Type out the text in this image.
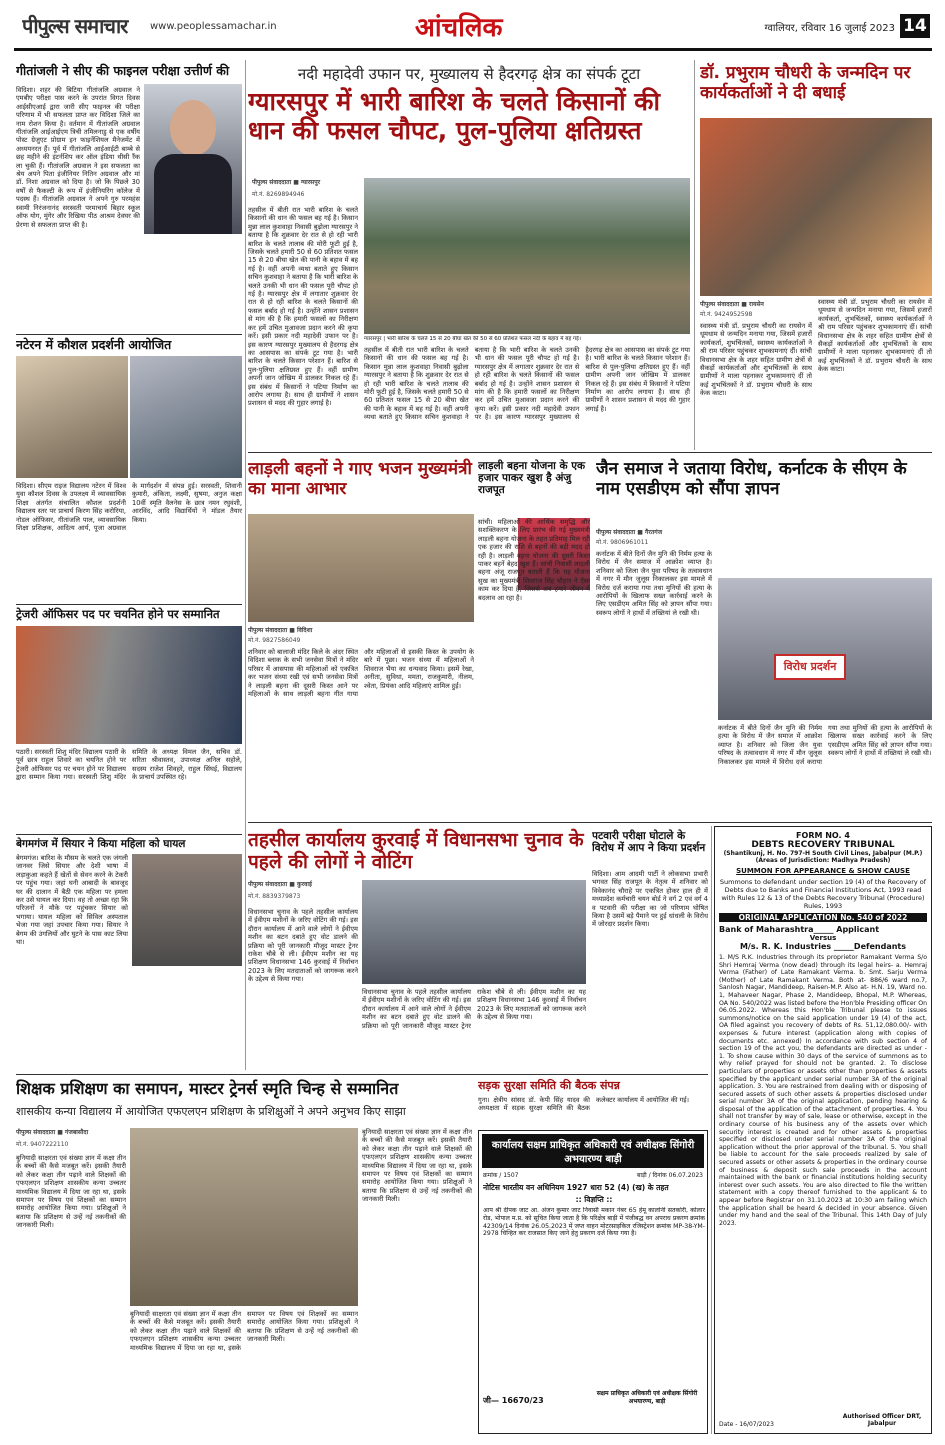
पीपुल्स समाचार	www.peoplessamachar.in	आंचलिक	ग्वालियर, रविवार 16 जुलाई 2023 14
गीतांजली ने सीए की फाइनल परीक्षा उत्तीर्ण की
विदिशा। शहर की बिटिया गीतांजलि अग्रवाल ने एमबीए परीक्षा पास करने के उपरांत विगत दिवस आईसीएआई द्वारा जारी सीए फाइनल की परीक्षा परिणाम में भी सफलता प्राप्त कर विदिशा जिले का नाम रोशन किया है। वर्तमान में गीतांजलि अग्रवाल गीतांजलि आईआईएम त्रिची तमिलनाडु से एक वर्षीय पोस्ट ग्रेजुएट प्रोग्राम इन फाइनेंशियल मैनेजमेंट में अध्ययनरत हैं। पूर्व में गीतांजलि आईआईटी बाम्बे से छह महीने की इंटर्नशिप कर ऑल इंडिया थीसी रैंक ला चुकी हैं। गीतांजलि अग्रवाल ने इस सफलता का श्रेय अपने पिता इंजीनियर नितिन अग्रवाल और मां डॉ. निशा अग्रवाल को दिया है। जो कि पिछले 30 वर्षों से फैकल्टी के रूप में इंजीनियरिंग कॉलेज में पदस्थ हैं। गीतांजलि अग्रवाल ने अपने गुरु परमहंस स्वामी निरंजनानंद सरस्वती परमाचार्य बिहार स्कूल ऑफ योग, मुंगेर और रिखिया पीठ आश्रम देवघर की प्रेरणा से सफलता प्राप्त की है।
नटेरन में कौशल प्रदर्शनी आयोजित
विदिशा। सीएम राइज विद्यालय नटेरन में विश्व युवा कौशल दिवस के उपलक्ष्य में व्यावसायिक शिक्षा अंतर्गत संचालित कौशल प्रदर्शनी विद्यालय स्तर पर प्राचार्य किरण सिंह करोरिया, नोडल ऑफिसर, गीतांजलि पाल, व्यावसायिक शिक्षा प्रशिक्षक, आदित्य आर्य, पूजा अग्रवाल के मार्गदर्शन में संपन्न हुई। सरस्वती, शिवानी कुमारी, अंकिता, लक्ष्मी, सुषमा, अनुज कक्षा 10वीं स्मृति वैलनेस के छात्र नमन रघुवंशी, आरविंद, आदि विद्यार्थियों ने मॉडल तैयार किया।
ट्रेजरी ऑफिसर पद पर चयनित होने पर सम्मानित
पठारी। सरस्वती शिशु मंदिर विद्यालय पठारी के पूर्व छात्र राहुल शिवारे का चयनित होने पर ट्रेजरी ऑफिसर पद पर चयन होने पर विद्यालय द्वारा सम्मान किया गया। सरस्वती शिशु मंदिर समिति के अध्यक्ष विमल जैन, सचिव डॉ. सरिता श्रीवास्तव, उपाध्यक्ष अनिल सहोले, सदस्य राजेश शिवहरे, राहुल सिंघई, विद्यालय के प्राचार्य उपस्थित रहे।
बेगमगंज में सियार ने किया महिला को घायल
बेगमगंज। बारिश के मौसम के चलते एक जंगली जानवर जिसे सियार और देशी भाषा में लड़ाकुआ कहते हैं खेतों से सेवन करने के टेकरी पर पहुंच गया। जहां घनी आबादी के बावजूद घर की दालान में बैठी एक महिला पर हमला कर उसे घायल कर दिया। वह तो अच्छा रहा कि परिजनों ने मौके पर पहुंचकर सियार को भगाया। घायल महिला को सिविल अस्पताल भेजा गया जहां उपचार किया गया। सियार ने बेगम की उंगलियों और घुटने के पास काट लिया था।
नदी महादेवी उफान पर, मुख्यालय से हैदरगढ़ क्षेत्र का संपर्क टूटा
ग्यारसपुर में भारी बारिश के चलते किसानों की धान की फसल चौपट, पुल-पुलिया क्षतिग्रस्त
पीपुल्स संवाददाता ■ ग्यारसपुर
मो.नं. 8269894946
तहसील में बीती रात भारी बारिश के चलते किसानों की धान की फसल बह गई है। किसान मुन्ना लाल कुशवाहा निवासी बुढ़ोला ग्यारसपुर ने बताया है कि शुक्रवार देर रात से हो रही भारी बारिश के चलते तालाब की मोरी फूटी हुई है, जिसके चलते हमारी 50 से 60 प्रतिशत फसल 15 से 20 बीघा खेत की पानी के बहाव में बह गई है। वहीं अपनी व्यथा बताते हुए किसान सचिन कुशवाहा ने बताया है कि भारी बारिश के चलते उनकी भी धान की फसल पूरी चौपट हो गई है। ग्यारसपुर क्षेत्र में लगातार शुक्रवार देर रात से हो रही बारिश के चलते किसानों की फसल बर्बाद हो गई है। उन्होंने शासन प्रशासन से मांग की है कि हमारी फसलों का निरीक्षण कर हमें उचित मुआवजा प्रदान करने की कृपा करें। इसी प्रकार नदी महादेवी उफान पर है। इस कारण ग्यारसपुर मुख्यालय से हैदरगढ़ क्षेत्र का आसपास का संपर्क टूट गया है। भारी बारिश के चलते किसान परेशान हैं। बारिश से पुल-पुलिया क्षतिग्रस्त हुए हैं। वहीं ग्रामीण अपनी जान जोखिम में डालकर निकल रहे हैं। इस संबंध में किसानों ने पटिया निर्माण का आरोप लगाया है। साथ ही ग्रामीणों ने शासन प्रशासन से मदद की गुहार लगाई है।
ग्यारसपुर | भारी बारिश के चलते 15 से 20 बीघा खेत की 50 से 60 प्रतिशत फसल नदी के बहाव में बह गई।
तहसील में बीती रात भारी बारिश के चलते किसानों की धान की फसल बह गई है। किसान मुन्ना लाल कुशवाहा निवासी बुढ़ोला ग्यारसपुर ने बताया है कि शुक्रवार देर रात से हो रही भारी बारिश के चलते तालाब की मोरी फूटी हुई है, जिसके चलते हमारी 50 से 60 प्रतिशत फसल 15 से 20 बीघा खेत की पानी के बहाव में बह गई है। वहीं अपनी व्यथा बताते हुए किसान सचिन कुशवाहा ने बताया है कि भारी बारिश के चलते उनकी भी धान की फसल पूरी चौपट हो गई है। ग्यारसपुर क्षेत्र में लगातार शुक्रवार देर रात से हो रही बारिश के चलते किसानों की फसल बर्बाद हो गई है। उन्होंने शासन प्रशासन से मांग की है कि हमारी फसलों का निरीक्षण कर हमें उचित मुआवजा प्रदान करने की कृपा करें। इसी प्रकार नदी महादेवी उफान पर है। इस कारण ग्यारसपुर मुख्यालय से हैदरगढ़ क्षेत्र का आसपास का संपर्क टूट गया है। भारी बारिश के चलते किसान परेशान हैं। बारिश से पुल-पुलिया क्षतिग्रस्त हुए हैं। वहीं ग्रामीण अपनी जान जोखिम में डालकर निकल रहे हैं। इस संबंध में किसानों ने पटिया निर्माण का आरोप लगाया है। साथ ही ग्रामीणों ने शासन प्रशासन से मदद की गुहार लगाई है।
डॉ. प्रभुराम चौधरी के जन्मदिन पर कार्यकर्ताओं ने दी बधाई
पीपुल्स संवाददाता ■ रायसेन
मो.नं. 9424952598
स्वास्थ्य मंत्री डॉ. प्रभुराम चौधरी का रायसेन में धूमधाम से जन्मदिन मनाया गया, जिसमें हजारों कार्यकर्ता, शुभचिंतकों, स्वास्थ्य कार्यकर्ताओं ने श्री राम परिसर पहुंचकर शुभकामनाएं दीं। सांची विधानसभा क्षेत्र के शहर सहित ग्रामीण क्षेत्रों से सैकड़ों कार्यकर्ताओं और शुभचिंतकों के साथ ग्रामीणों ने माला पहनाकर शुभकामनाएं दीं तो कई शुभचिंतकों ने डॉ. प्रभुराम चौधरी के साथ केक काटा।
स्वास्थ्य मंत्री डॉ. प्रभुराम चौधरी का रायसेन में धूमधाम से जन्मदिन मनाया गया, जिसमें हजारों कार्यकर्ता, शुभचिंतकों, स्वास्थ्य कार्यकर्ताओं ने श्री राम परिसर पहुंचकर शुभकामनाएं दीं। सांची विधानसभा क्षेत्र के शहर सहित ग्रामीण क्षेत्रों से सैकड़ों कार्यकर्ताओं और शुभचिंतकों के साथ ग्रामीणों ने माला पहनाकर शुभकामनाएं दीं तो कई शुभचिंतकों ने डॉ. प्रभुराम चौधरी के साथ केक काटा।
लाड़ली बहनों ने गाए भजन मुख्यमंत्री का माना आभार
पीपुल्स संवाददाता ■ विदिशा
मो.नं. 9827586049
शनिवार को बालाजी मंदिर किले के अंदर स्थित विदिशा ब्लाक के सभी जनसेवा मित्रों ने मंदिर परिसर में आसपास की महिलाओं को एकत्रित कर भजन संध्या रखी एवं सभी जनसेवा मित्रों ने लाड़ली बहना की दूसरी किस्त आने पर महिलाओं के साथ लाड़ली बहना गीत गाया और महिलाओं से इसकी किस्त के उपयोग के बारे में पूछा। भजन संध्या में महिलाओं ने शिवराज भैया का धन्यवाद किया। इसमें रेखा, अनीता, सुविधा, ममता, राजकुमारी, नीलम, श्वेता, प्रियंका आदि महिलाएं शामिल हुईं।
लाड़ली बहना योजना के एक हजार पाकर खुश है अंजु राजपूत
सांची। महिलाओं की आर्थिक समृद्धि और सशक्तिकरण के लिए प्रारंभ की गई मुख्यमंत्री लाड़ली बहना योजना के तहत प्रतिमाह मिल रही एक हजार की राशि से बहनों की बड़ी मदद हो रही है। लाड़ली बहना योजना की दूसरी किस्त पाकर बहनें बेहद खुश हैं। सांची निवासी लाड़ली बहना अंजू राजपूत बताती हैं कि यह योजना सुख का मुख्यमंत्री शिवराज सिंह चौहान ने ऐसा काम कर दिया है, जिससे अब हमारे जीवन में बदलाव आ रहा है।
जैन समाज ने जताया विरोध, कर्नाटक के सीएम के नाम एसडीएम को सौंपा ज्ञापन
पीपुल्स संवाददाता ■ गैरतगंज
मो.नं. 9806961011
कर्नाटक में बीते दिनों जैन मुनि की निर्मम हत्या के विरोध में जैन समाज में आक्रोश व्याप्त है। शनिवार को जिला जैन युवा परिषद के तत्वावधान में नगर में मौन जुलूस निकालकर इस मामले में विरोध दर्ज कराया गया तथा मुनियों की हत्या के आरोपियों के खिलाफ सख्त कार्रवाई करने के लिए एसडीएम अमित सिंह को ज्ञापन सौंपा गया। स्वरूप लोगों ने हाथों में तख्तियां ले रखी थी।
विरोध प्रदर्शन
कर्नाटक में बीते दिनों जैन मुनि की निर्मम हत्या के विरोध में जैन समाज में आक्रोश व्याप्त है। शनिवार को जिला जैन युवा परिषद के तत्वावधान में नगर में मौन जुलूस निकालकर इस मामले में विरोध दर्ज कराया गया तथा मुनियों की हत्या के आरोपियों के खिलाफ सख्त कार्रवाई करने के लिए एसडीएम अमित सिंह को ज्ञापन सौंपा गया। स्वरूप लोगों ने हाथों में तख्तियां ले रखी थी।
तहसील कार्यालय कुरवाई में विधानसभा चुनाव के पहले की लोगों ने वोटिंग
पीपुल्स संवाददाता ■ कुरवाई
मो.नं. 8839379873
विधानसभा चुनाव के पहले तहसील कार्यालय में ईवीएम मशीनों के जरिए वोटिंग की गई। इस दौरान कार्यालय में आने वाले लोगों ने ईवीएम मशीन का बटन दबाते हुए वोट डालने की प्रक्रिया को पूरी जानकारी मौजूद मास्टर ट्रेनर राकेश चौबे से ली। ईवीएम मशीन का यह प्रशिक्षण विधानसभा 146 कुरवाई में निर्वाचन 2023 के लिए मतदाताओं को जागरूक करने के उद्देश्य से किया गया।
विधानसभा चुनाव के पहले तहसील कार्यालय में ईवीएम मशीनों के जरिए वोटिंग की गई। इस दौरान कार्यालय में आने वाले लोगों ने ईवीएम मशीन का बटन दबाते हुए वोट डालने की प्रक्रिया को पूरी जानकारी मौजूद मास्टर ट्रेनर राकेश चौबे से ली। ईवीएम मशीन का यह प्रशिक्षण विधानसभा 146 कुरवाई में निर्वाचन 2023 के लिए मतदाताओं को जागरूक करने के उद्देश्य से किया गया।
पटवारी परीक्षा घोटाले के विरोध में आप ने किया प्रदर्शन
विदिशा। आम आदमी पार्टी ने लोकसभा प्रभारी भगवत सिंह राजपूत के नेतृत्व में शनिवार को विवेकानंद चौराहे पर एकत्रित होकर हाल ही में मध्यप्रदेश कर्मचारी चयन बोर्ड ने वर्ग 2 एवं वर्ग 4 व पटवारी की परीक्षा का जो परिणाम घोषित किया है उसमें बड़े पैमाने पर हुई धांधली के विरोध में जोरदार प्रदर्शन किया।
FORM NO. 4
DEBTS RECOVERY TRIBUNAL
(Shantikunj, H. No. 797-H South Civil Lines, Jabalpur (M.P.)
(Areas of Jurisdiction: Madhya Pradesh)
SUMMON FOR APPEARANCE & SHOW CAUSE

Summons to defendant under section 19 (4) of the Recovery of Debts due to Banks and Financial Institutions Act, 1993 read with Rules 12 & 13 of the Debts Recovery Tribunal (Procedure) Rules, 1993

ORIGINAL APPLICATION No. 540 of 2022
Bank of Maharashtra_____ Applicant
Versus
M/s. R. K. Industries _____Defendants

1. M/S R.K. Industries through its proprietor Ramakant Verma S/o Shri Hemraj Verma (now dead) through its legal heirs- a. Hemraj Verma (Father) of Late Ramakant Verma. b. Smt. Sarju Verma (Mother) of Late Ramakant Verma. Both at- 886/6 ward no.7, Sanlosh Nagar, Mandideep, Raisen-M.P. Also at- H.N. 19, Ward no. 1, Mahaveer Nagar, Phase 2, Mandideep, Bhopal, M.P. Whereas, OA No. 540/2022 was listed before the Hon'ble Presiding officer On 06.05.2022. Whereas this Hon'ble Tribunal please to issues summons/notice on the said application under 19 (4) of the act, OA filed against you recovery of debts of Rs. 51,12,080.00/- with expenses & future interest (application along with copies of documents etc. annexed) In accordance with sub section 4 of section 19 of the act you, the defendants are directed as under - 1. To show cause within 30 days of the service of summons as to why relief prayed for should not be granted. 2. To disclose particulars of properties or assets other than properties & assets specified by the applicant under serial number 3A of the original application. 3. You are restrained from dealing with or disposing of secured assets of such other assets & properties disclosed under serial number 3A of the original application, pending hearing & disposal of the application of the attachment of properties. 4. You shall not transfer by way of sale, lease or otherwise, except in the ordinary course of his business any of the assets over which security interest is created and for other assets & properties specified or disclosed under serial number 3A of the original application without the prior approval of the tribunal. 5. You shall be liable to account for the sale proceeds realized by sale of secured assets or other assets & properties in the ordinary course of business & deposit such sale proceeds in the account maintained with the bank or financial institutions holding security interest over such assets. You are also directed to file the written statement with a copy thereof furnished to the applicant & to appear before Registrar on 31.10.2023 at 10:30 am failing which the application shall be heard & decided in your absence. Given under my hand and the seal of the Tribunal. This 14th Day of July 2023.

Date - 16/07/2023
Authorised Officer DRT, Jabalpur
शिक्षक प्रशिक्षण का समापन, मास्टर ट्रेनर्स स्मृति चिन्ह से सम्मानित
शासकीय कन्या विद्यालय में आयोजित एफएलएन प्रशिक्षण के प्रशिक्षुओं ने अपने अनुभव किए साझा
पीपुल्स संवाददाता ■ गंजबासौदा
मो.नं. 9407222110
बुनियादी साक्षरता एवं संख्या ज्ञान में कक्षा तीन के बच्चों की कैसे मजबूत करें। इसकी तैयारी को लेकर कक्षा तीन पढ़ाने वाले शिक्षकों की एफएलएन प्रशिक्षण शासकीय कन्या उच्चतर माध्यमिक विद्यालय में दिया जा रहा था, इसके समापन पर विषय एवं शिक्षकों का सम्मान समारोह आयोजित किया गया। प्रशिक्षुओं ने बताया कि प्रशिक्षण से उन्हें नई तकनीकों की जानकारी मिली।
बुनियादी साक्षरता एवं संख्या ज्ञान में कक्षा तीन के बच्चों की कैसे मजबूत करें। इसकी तैयारी को लेकर कक्षा तीन पढ़ाने वाले शिक्षकों की एफएलएन प्रशिक्षण शासकीय कन्या उच्चतर माध्यमिक विद्यालय में दिया जा रहा था, इसके समापन पर विषय एवं शिक्षकों का सम्मान समारोह आयोजित किया गया। प्रशिक्षुओं ने बताया कि प्रशिक्षण से उन्हें नई तकनीकों की जानकारी मिली।
बुनियादी साक्षरता एवं संख्या ज्ञान में कक्षा तीन के बच्चों की कैसे मजबूत करें। इसकी तैयारी को लेकर कक्षा तीन पढ़ाने वाले शिक्षकों की एफएलएन प्रशिक्षण शासकीय कन्या उच्चतर माध्यमिक विद्यालय में दिया जा रहा था, इसके समापन पर विषय एवं शिक्षकों का सम्मान समारोह आयोजित किया गया। प्रशिक्षुओं ने बताया कि प्रशिक्षण से उन्हें नई तकनीकों की जानकारी मिली।
सड़क सुरक्षा समिति की बैठक संपन्न
गुना। क्षेत्रीय सांसद डॉ. केपी सिंह यादव की अध्यक्षता में सड़क सुरक्षा समिति की बैठक कलेक्टर कार्यालय में आयोजित की गई।
कार्यालय सक्षम प्राधिकृत अधिकारी एवं अधीक्षक सिंगोरी अभयारण्य बाड़ी
क्रमांक / 1507	बाड़ी / दिनांक 06.07.2023
नोटिस भारतीय वन अधिनियम 1927 धारा 52 (4) (ख) के तहत
:: विज्ञप्ति ::

आप श्री दीपक जाट आ. अंजन कुमार जाट निवासी मकान नंबर 65 हेमू कालोनी सतकोरी, कोलार रोड, भोपाल म.प्र. को सूचित किया जाता है कि परिक्षेत्र बाड़ी में पंजीबद्ध वन अपराध प्रकरण क्रमांक 42309/14 दिनांक 26.05.2023 में जप्त वाहन मोटरसाइकिल रजिस्ट्रेशन क्रमांक MP-38-YM-2978 चिन्हित कर राजसात किए जाने हेतु प्रकरण दर्ज किया गया है।

जी— 16670/23
सक्षम प्राधिकृत अधिकारी एवं अधीक्षक सिंगोरी अभयारण्य, बाड़ी
